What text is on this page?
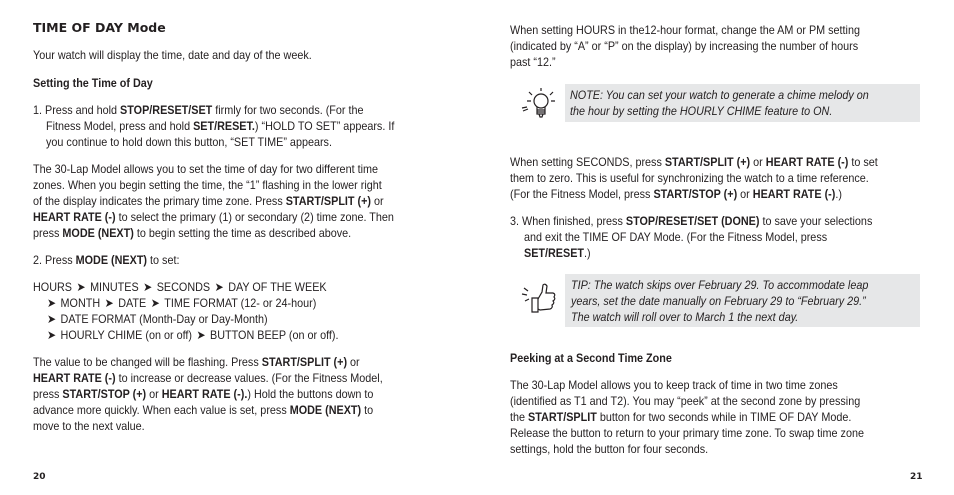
TIME OF DAY Mode
Your watch will display the time, date and day of the week.
Setting the Time of Day
1. Press and hold STOP/RESET/SET firmly for two seconds. (For the
Fitness Model, press and hold SET/RESET.) “HOLD TO SET” appears. If
you continue to hold down this button, “SET TIME” appears.
The 30-Lap Model allows you to set the time of day for two different time
zones. When you begin setting the time, the “1” flashing in the lower right
of the display indicates the primary time zone. Press START/SPLIT (+) or
HEART RATE (-) to select the primary (1) or secondary (2) time zone. Then
press MODE (NEXT) to begin setting the time as described above.
2. Press MODE (NEXT) to set:
HOURS ➤ MINUTES ➤ SECONDS ➤ DAY OF THE WEEK
➤ MONTH ➤ DATE ➤ TIME FORMAT (12- or 24-hour)
➤ DATE FORMAT (Month-Day or Day-Month)
➤ HOURLY CHIME (on or off) ➤ BUTTON BEEP (on or off).
The value to be changed will be flashing. Press START/SPLIT (+) or
HEART RATE (-) to increase or decrease values. (For the Fitness Model,
press START/STOP (+) or HEART RATE (-).) Hold the buttons down to
advance more quickly. When each value is set, press MODE (NEXT) to
move to the next value.
20
When setting HOURS in the12-hour format, change the AM or PM setting
(indicated by “A” or “P” on the display) by increasing the number of hours
past “12.”
NOTE: You can set your watch to generate a chime melody on
the hour by setting the HOURLY CHIME feature to ON.
When setting SECONDS, press START/SPLIT (+) or HEART RATE (-) to set
them to zero. This is useful for synchronizing the watch to a time reference.
(For the Fitness Model, press START/STOP (+) or HEART RATE (-).)
3. When finished, press STOP/RESET/SET (DONE) to save your selections
and exit the TIME OF DAY Mode. (For the Fitness Model, press
SET/RESET.)
TIP: The watch skips over February 29. To accommodate leap
years, set the date manually on February 29 to “February 29.”
The watch will roll over to March 1 the next day.
Peeking at a Second Time Zone
The 30-Lap Model allows you to keep track of time in two time zones
(identified as T1 and T2). You may “peek” at the second zone by pressing
the START/SPLIT button for two seconds while in TIME OF DAY Mode.
Release the button to return to your primary time zone. To swap time zone
settings, hold the button for four seconds.
21
